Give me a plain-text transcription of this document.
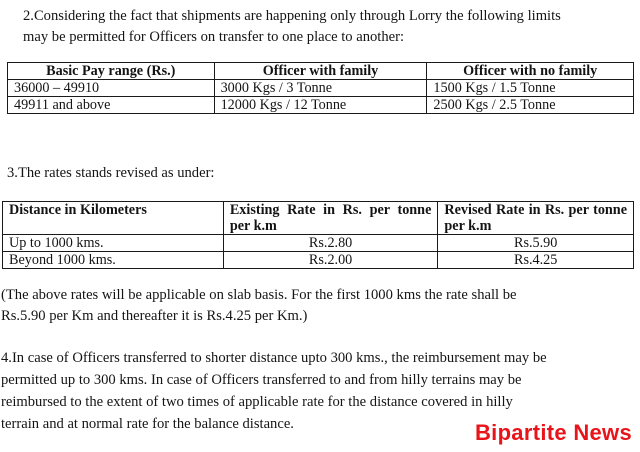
2.Considering the fact that shipments are happening only through Lorry the following limits
may be permitted for Officers on transfer to one place to another:
Basic Pay range (Rs.)	Officer with family	Officer with no family
36000 – 49910	3000 Kgs / 3 Tonne	1500 Kgs / 1.5 Tonne
49911 and above	12000 Kgs / 12 Tonne	2500 Kgs / 2.5 Tonne
3.The rates stands revised as under:
Distance in Kilometers	Existing Rate in Rs. per tonne per k.m	Revised Rate in Rs. per tonne per k.m
Up to 1000 kms.	Rs.2.80	Rs.5.90
Beyond 1000 kms.	Rs.2.00	Rs.4.25
(The above rates will be applicable on slab basis. For the first 1000 kms the rate shall be
Rs.5.90 per Km and thereafter it is Rs.4.25 per Km.)
4.In case of Officers transferred to shorter distance upto 300 kms., the reimbursement may be
permitted up to 300 kms. In case of Officers transferred to and from hilly terrains may be
reimbursed to the extent of two times of applicable rate for the distance covered in hilly
terrain and at normal rate for the balance distance.	Bipartite News
